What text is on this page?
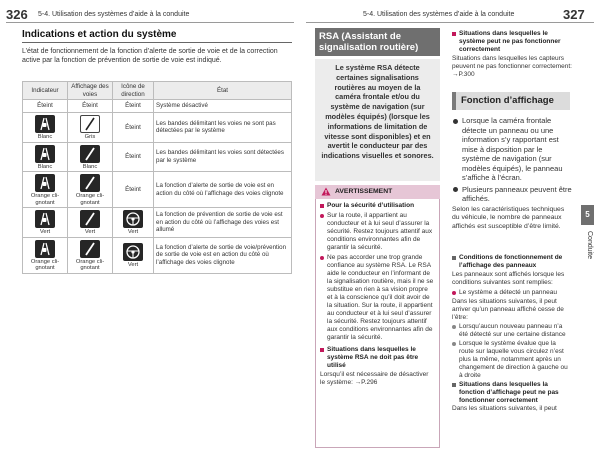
326 5-4. Utilisation des systèmes d’aide à la conduite
Indications et action du système
L’état de fonctionnement de la fonction d’alerte de sortie de voie et de la correction active par la fonction de prévention de sortie de voie est indiqué.
Indicateur	Affichage des voies	Icône de direction	État
Éteint	Éteint	Éteint	Système désactivé

Blanc	Gris	Éteint	Les bandes délimitant les voies ne sont pas détectées par le système

Blanc	Blanc	Éteint	Les bandes délimitant les voies sont détectées par le système

Orange cli-gnotant	Orange cli-gnotant	Éteint	La fonction d’alerte de sortie de voie est en action du côté où l’affichage des voies clignote

Vert	Vert	Vert	La fonction de prévention de sortie de voie est en action du côté où l’affichage des voies est allumé

Orange cli-gnotant	Orange cli-gnotant	Vert	La fonction d’alerte de sortie de voie/prévention de sortie de voie est en action du côté où l’affichage des voies clignote
5-4. Utilisation des systèmes d’aide à la conduite	327
RSA (Assistant de signalisation routière)
Le système RSA détecte certaines signalisations routières au moyen de la caméra frontale et/ou du système de navigation (sur modèles équipés) (lorsque les informations de limitation de vitesse sont disponibles) et en avertit le conducteur par des indications visuelles et sonores.
AVERTISSEMENT
Pour la sécurité d’utilisation
Sur la route, il appartient au conducteur et à lui seul d’assurer la sécurité. Restez toujours attentif aux conditions environnantes afin de garantir la sécurité.
Ne pas accorder une trop grande confiance au système RSA. Le RSA aide le conducteur en l’informant de la signalisation routière, mais il ne se substitue en rien à sa vision propre et à la conscience qu’il doit avoir de la situation. Sur la route, il appartient au conducteur et à lui seul d’assurer la sécurité. Restez toujours attentif aux conditions environnantes afin de garantir la sécurité.
Situations dans lesquelles le système RSA ne doit pas être utilisé
Lorsqu’il est nécessaire de désactiver le système: →P.296
Situations dans lesquelles le système peut ne pas fonctionner correctement
Situations dans lesquelles les capteurs peuvent ne pas fonctionner correctement: →P.300
Fonction d’affichage
Lorsque la caméra frontale détecte un panneau ou une information s’y rapportant est mise à disposition par le système de navigation (sur modèles équipés), le panneau s’affiche à l’écran.
Plusieurs panneaux peuvent être affichés.
Selon les caractéristiques techniques du véhicule, le nombre de panneaux affichés est susceptible d’être limité.
Conditions de fonctionnement de l’affichage des panneaux
Les panneaux sont affichés lorsque les conditions suivantes sont remplies:
Le système a détecté un panneau
Dans les situations suivantes, il peut arriver qu’un panneau affiché cesse de l’être:
Lorsqu’aucun nouveau panneau n’a été détecté sur une certaine distance
Lorsque le système évalue que la route sur laquelle vous circulez n’est plus la même, notamment après un changement de direction à gauche ou à droite
Situations dans lesquelles la fonction d’affichage peut ne pas fonctionner correctement
Dans les situations suivantes, il peut
5
Conduite
